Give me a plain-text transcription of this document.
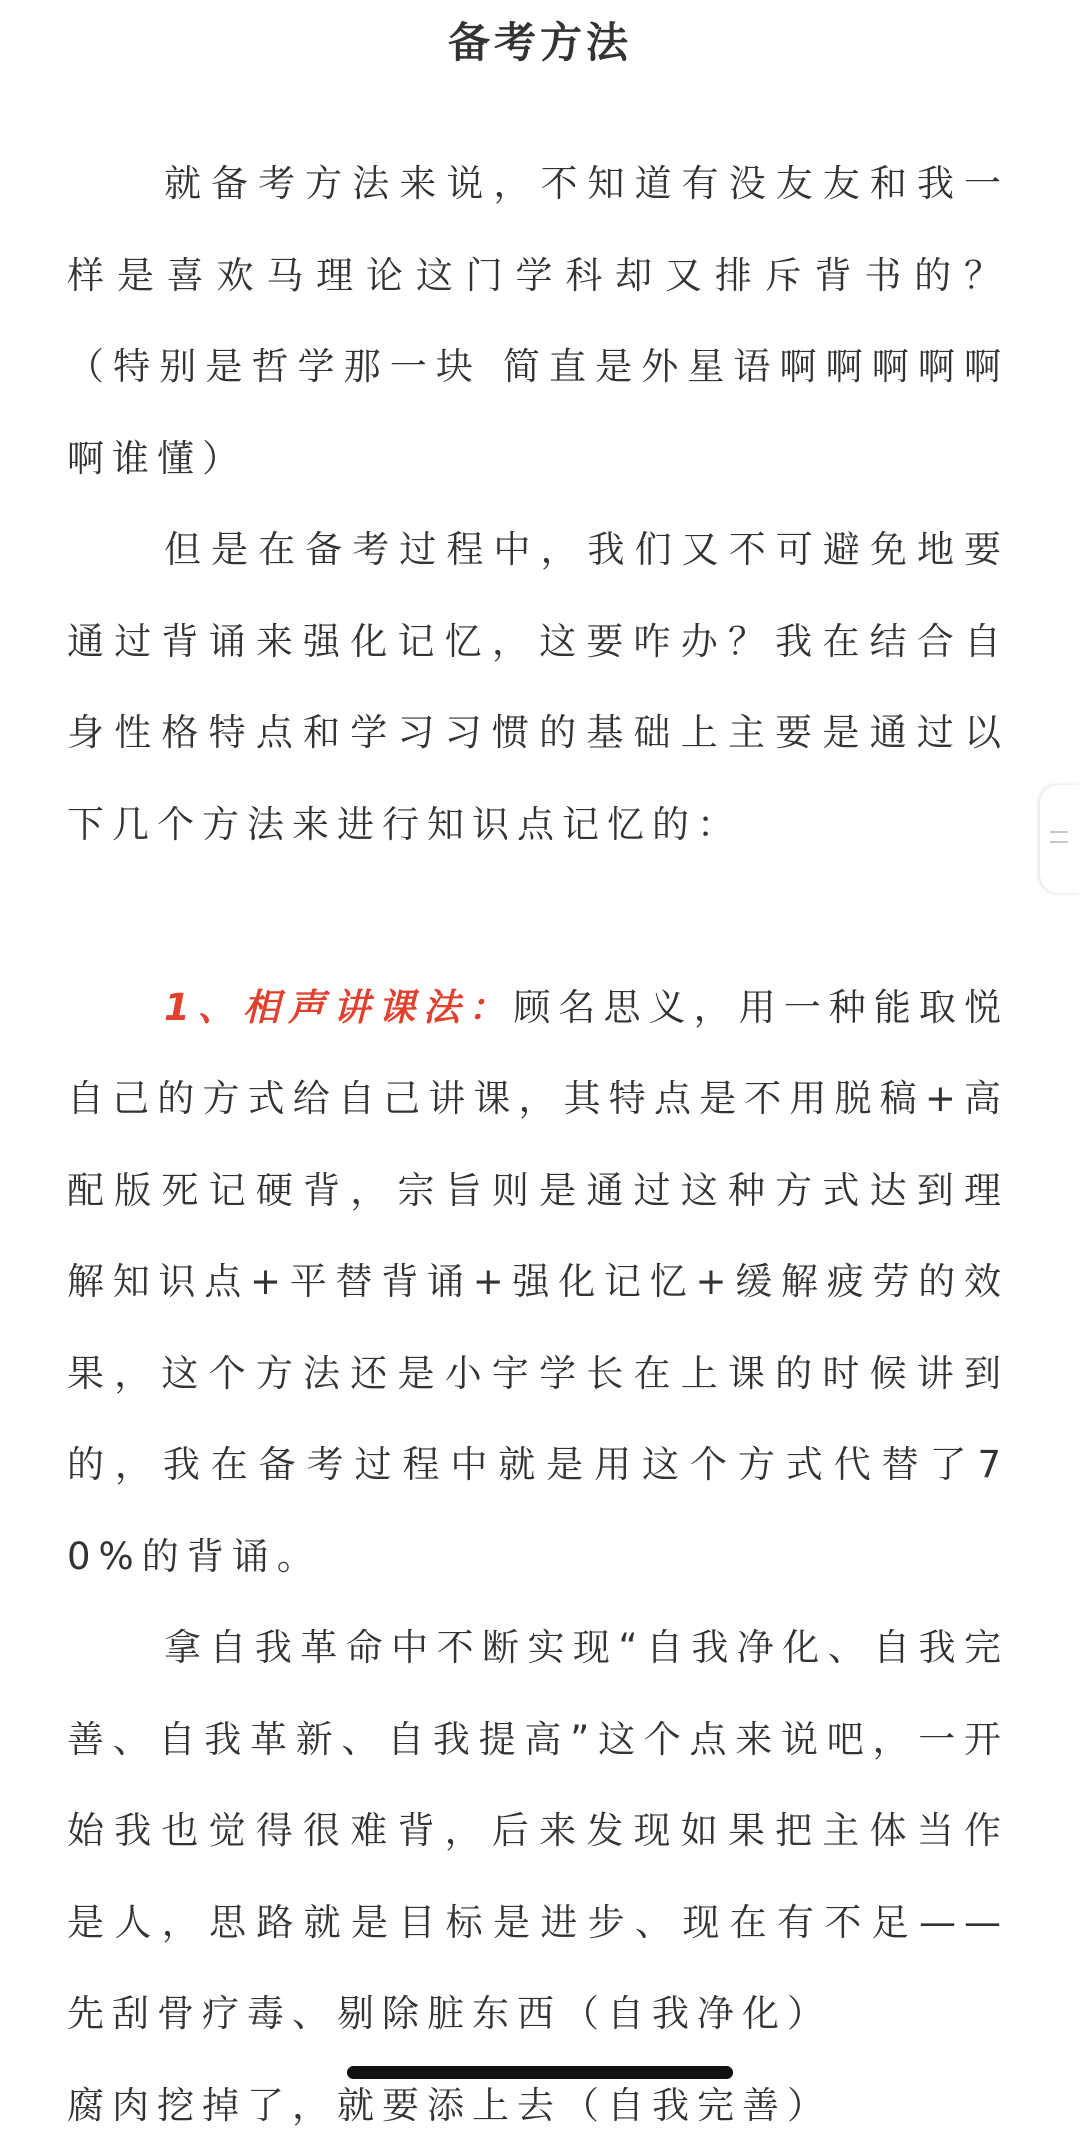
备考方法

就备考方法来说，不知道有没友友和我一样是喜欢马理论这门学科却又排斥背书的？（特别是哲学那一块 简直是外星语啊啊啊啊啊啊谁懂）

但是在备考过程中，我们又不可避免地要通过背诵来强化记忆，这要咋办？我在结合自身性格特点和学习习惯的基础上主要是通过以下几个方法来进行知识点记忆的：

1、相声讲课法：顾名思义，用一种能取悦自己的方式给自己讲课，其特点是不用脱稿+高配版死记硬背，宗旨则是通过这种方式达到理解知识点+平替背诵+强化记忆+缓解疲劳的效果，这个方法还是小宇学长在上课的时候讲到的，我在备考过程中就是用这个方式代替了70%的背诵。

拿自我革命中不断实现“自我净化、自我完善、自我革新、自我提高”这个点来说吧，一开始我也觉得很难背，后来发现如果把主体当作是人，思路就是目标是进步、现在有不足——先刮骨疗毒、剔除脏东西（自我净化）

腐肉挖掉了，就要添上去（自我完善）
